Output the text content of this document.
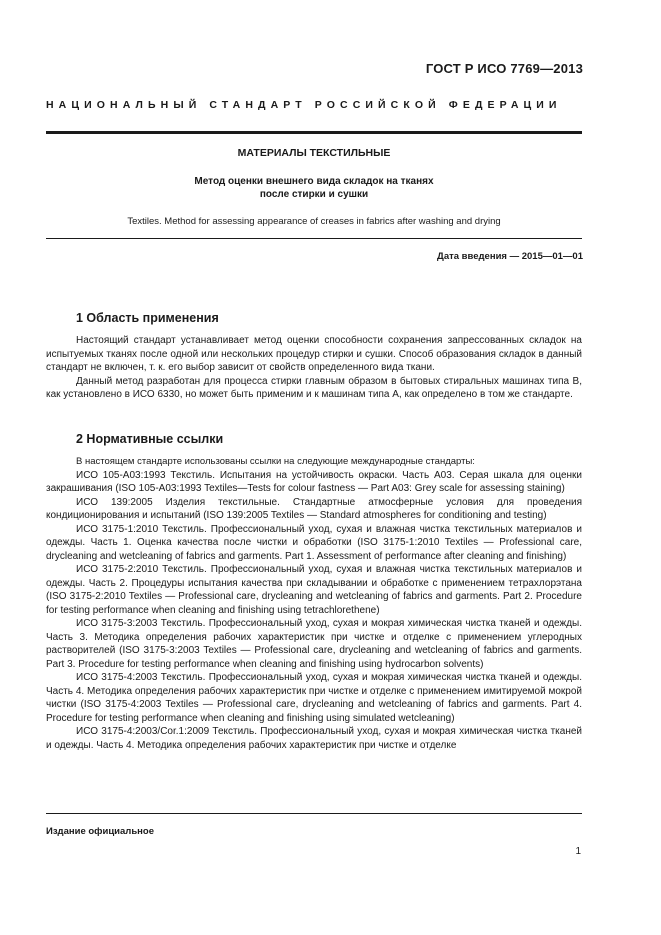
ГОСТ Р ИСО 7769—2013
НАЦИОНАЛЬНЫЙ СТАНДАРТ РОССИЙСКОЙ ФЕДЕРАЦИИ
МАТЕРИАЛЫ ТЕКСТИЛЬНЫЕ
Метод оценки внешнего вида складок на тканях
после стирки и сушки
Textiles. Method for assessing appearance of creases in fabrics after washing and drying
Дата введения — 2015—01—01
1 Область применения

Настоящий стандарт устанавливает метод оценки способности сохранения запрессованных складок на испытуемых тканях после одной или нескольких процедур стирки и сушки. Способ образования складок в данный стандарт не включен, т. к. его выбор зависит от свойств определенного вида ткани.

Данный метод разработан для процесса стирки главным образом в бытовых стиральных машинах типа В, как установлено в ИСО 6330, но может быть применим и к машинам типа А, как определено в том же стандарте.

2 Нормативные ссылки

В настоящем стандарте использованы ссылки на следующие международные стандарты:

ИСО 105-А03:1993 Текстиль. Испытания на устойчивость окраски. Часть А03. Серая шкала для оценки закрашивания (ISO 105-A03:1993 Textiles—Tests for colour fastness — Part A03: Grey scale for assessing staining)

ИСО 139:2005 Изделия текстильные. Стандартные атмосферные условия для проведения кондиционирования и испытаний (ISO 139:2005 Textiles — Standard atmospheres for conditioning and testing)

ИСО 3175-1:2010 Текстиль. Профессиональный уход, сухая и влажная чистка текстильных материалов и одежды. Часть 1. Оценка качества после чистки и обработки (ISO 3175-1:2010 Textiles — Professional care, drycleaning and wetcleaning of fabrics and garments. Part 1. Assessment of performance after cleaning and finishing)

ИСО 3175-2:2010 Текстиль. Профессиональный уход, сухая и влажная чистка текстильных материалов и одежды. Часть 2. Процедуры испытания качества при складывании и обработке с применением тетрахлорэтана (ISO 3175-2:2010 Textiles — Professional care, drycleaning and wetcleaning of fabrics and garments. Part 2. Procedure for testing performance when cleaning and finishing using tetrachlorethene)

ИСО 3175-3:2003 Текстиль. Профессиональный уход, сухая и мокрая химическая чистка тканей и одежды. Часть 3. Методика определения рабочих характеристик при чистке и отделке с применением углеродных растворителей (ISO 3175-3:2003 Textiles — Professional care, drycleaning and wetcleaning of fabrics and garments. Part 3. Procedure for testing performance when cleaning and finishing using hydrocarbon solvents)

ИСО 3175-4:2003 Текстиль. Профессиональный уход, сухая и мокрая химическая чистка тканей и одежды. Часть 4. Методика определения рабочих характеристик при чистке и отделке с применением имитируемой мокрой чистки (ISO 3175-4:2003 Textiles — Professional care, drycleaning and wetcleaning of fabrics and garments. Part 4. Procedure for testing performance when cleaning and finishing using simulated wetcleaning)

ИСО 3175-4:2003/Cor.1:2009 Текстиль. Профессиональный уход, сухая и мокрая химическая чистка тканей и одежды. Часть 4. Методика определения рабочих характеристик при чистке и отделке

Издание официальное
1
